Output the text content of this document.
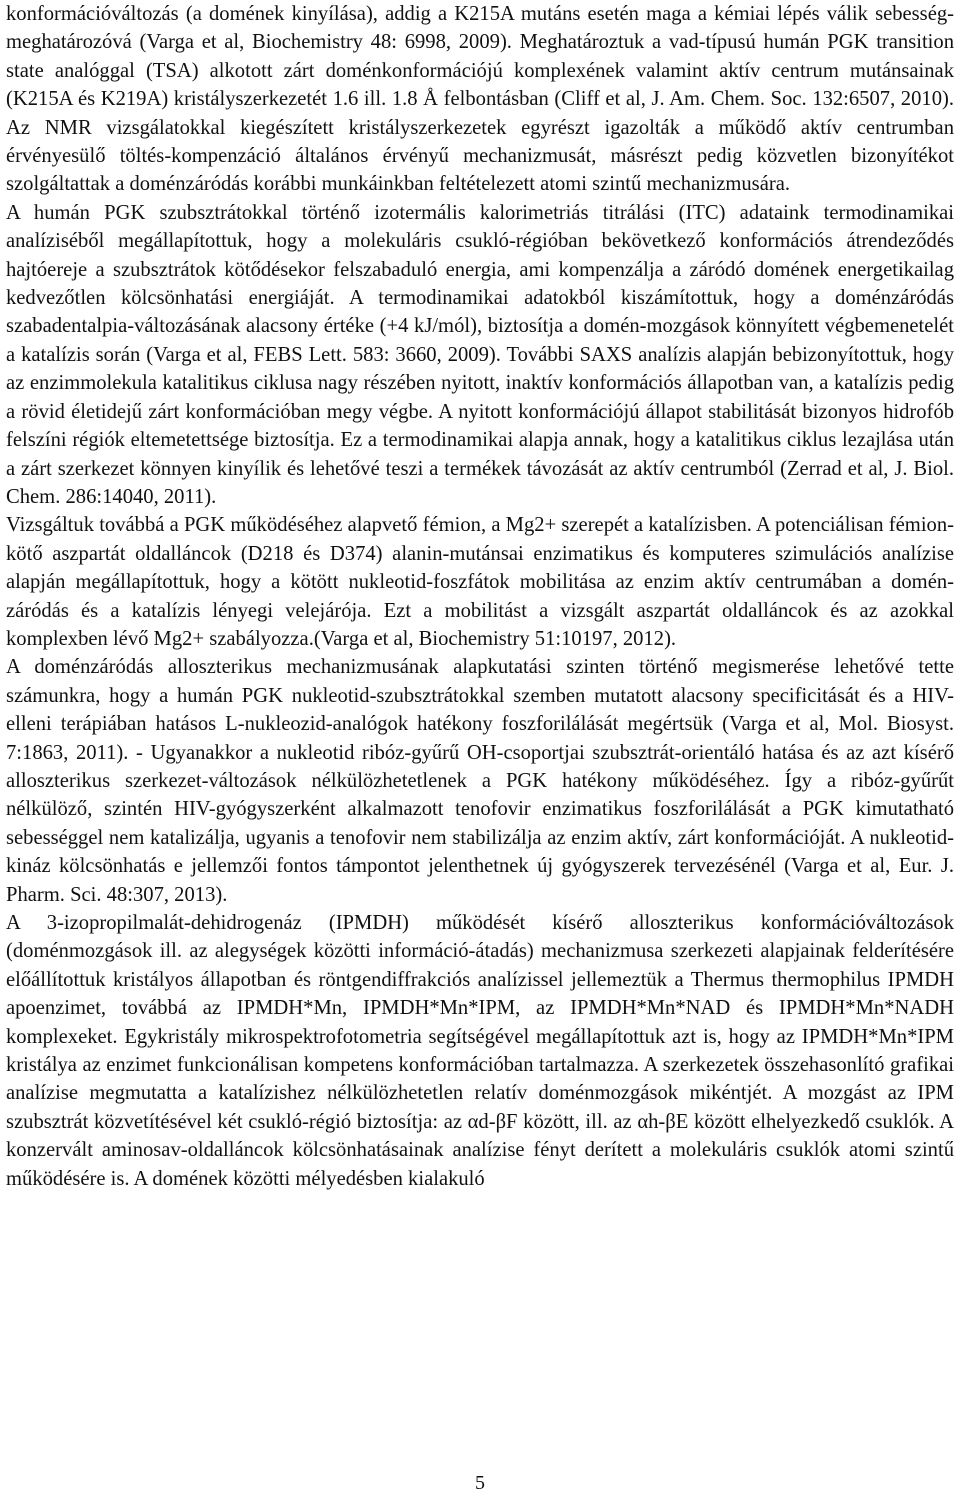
konformációváltozás (a domének kinyílása), addig a K215A mutáns esetén maga a kémiai lépés válik sebesség-meghatározóvá (Varga et al, Biochemistry 48: 6998, 2009). Meghatároztuk a vad-típusú humán PGK transition state analóggal (TSA) alkotott zárt doménkonformációjú komplexének valamint aktív centrum mutánsainak (K215A és K219A) kristályszerkezetét 1.6 ill. 1.8 Å felbontásban (Cliff et al, J. Am. Chem. Soc. 132:6507, 2010). Az NMR vizsgálatokkal kiegészített kristályszerkezetek egyrészt igazolták a működő aktív centrumban érvényesülő töltés-kompenzáció általános érvényű mechanizmusát, másrészt pedig közvetlen bizonyítékot szolgáltattak a doménzáródás korábbi munkáinkban feltételezett atomi szintű mechanizmusára.

A humán PGK szubsztrátokkal történő izotermális kalorimetriás titrálási (ITC) adataink termodinamikai analíziséből megállapítottuk, hogy a molekuláris csukló-régióban bekövetkező konformációs átrendeződés hajtóereje a szubsztrátok kötődésekor felszabaduló energia, ami kompenzálja a záródó domének energetikailag kedvezőtlen kölcsönhatási energiáját. A termodinamikai adatokból kiszámítottuk, hogy a doménzáródás szabadentalpia-változásának alacsony értéke (+4 kJ/mól), biztosítja a domén-mozgások könnyített végbemenetelét a katalízis során (Varga et al, FEBS Lett. 583: 3660, 2009). További SAXS analízis alapján bebizonyítottuk, hogy az enzimmolekula katalitikus ciklusa nagy részében nyitott, inaktív konformációs állapotban van, a katalízis pedig a rövid életidejű zárt konformációban megy végbe. A nyitott konformációjú állapot stabilitását bizonyos hidrofób felszíni régiók eltemetettsége biztosítja. Ez a termodinamikai alapja annak, hogy a katalitikus ciklus lezajlása után a zárt szerkezet könnyen kinyílik és lehetővé teszi a termékek távozását az aktív centrumból (Zerrad et al, J. Biol. Chem. 286:14040, 2011).

Vizsgáltuk továbbá a PGK működéséhez alapvető fémion, a Mg2+ szerepét a katalízisben. A potenciálisan fémion-kötő aszpartát oldalláncok (D218 és D374) alanin-mutánsai enzimatikus és komputeres szimulációs analízise alapján megállapítottuk, hogy a kötött nukleotid-foszfátok mobilitása az enzim aktív centrumában a domén-záródás és a katalízis lényegi velejárója. Ezt a mobilitást a vizsgált aszpartát oldalláncok és az azokkal komplexben lévő Mg2+ szabályozza.(Varga et al, Biochemistry 51:10197, 2012).

A doménzáródás alloszterikus mechanizmusának alapkutatási szinten történő megismerése lehetővé tette számunkra, hogy a humán PGK nukleotid-szubsztrátokkal szemben mutatott alacsony specificitását és a HIV-elleni terápiában hatásos L-nukleozid-analógok hatékony foszforilálását megértsük (Varga et al, Mol. Biosyst. 7:1863, 2011). - Ugyanakkor a nukleotid ribóz-gyűrű OH-csoportjai szubsztrát-orientáló hatása és az azt kísérő alloszterikus szerkezet-változások nélkülözhetetlenek a PGK hatékony működéséhez. Így a ribóz-gyűrűt nélkülöző, szintén HIV-gyógyszerként alkalmazott tenofovir enzimatikus foszforilálását a PGK kimutatható sebességgel nem katalizálja, ugyanis a tenofovir nem stabilizálja az enzim aktív, zárt konformációját. A nukleotid-kináz kölcsönhatás e jellemzői fontos támpontot jelenthetnek új gyógyszerek tervezésénél (Varga et al, Eur. J. Pharm. Sci. 48:307, 2013).

A 3-izopropilmalát-dehidrogenáz (IPMDH) működését kísérő alloszterikus konformációváltozások (doménmozgások ill. az alegységek közötti információ-átadás) mechanizmusa szerkezeti alapjainak felderítésére előállítottuk kristályos állapotban és röntgendiffrakciós analízissel jellemeztük a Thermus thermophilus IPMDH apoenzimet, továbbá az IPMDH*Mn, IPMDH*Mn*IPM, az IPMDH*Mn*NAD és IPMDH*Mn*NADH komplexeket. Egykristály mikrospektrofotometria segítségével megállapítottuk azt is, hogy az IPMDH*Mn*IPM kristálya az enzimet funkcionálisan kompetens konformációban tartalmazza. A szerkezetek összehasonlító grafikai analízise megmutatta a katalízishez nélkülözhetetlen relatív doménmozgások mikéntjét. A mozgást az IPM szubsztrát közvetítésével két csukló-régió biztosítja: az αd-βF között, ill. az αh-βE között elhelyezkedő csuklók. A konzervált aminosav-oldalláncok kölcsönhatásainak analízise fényt derített a molekuláris csuklók atomi szintű működésére is. A domének közötti mélyedésben kialakuló

5
